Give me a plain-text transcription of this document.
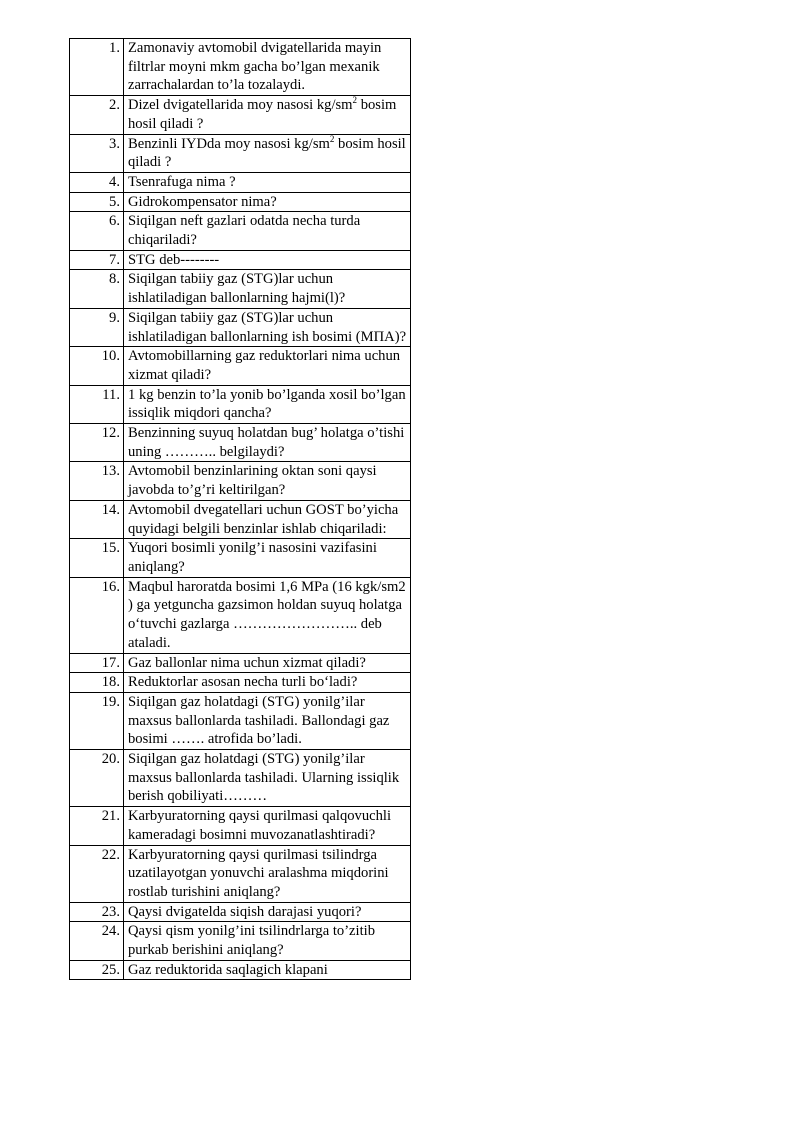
1.	Zamonaviy avtomobil dvigatellarida mayin filtrlar moyni mkm gacha bo’lgan mexanik zarrachalardan to’la tozalaydi.
2.	Dizel dvigatellarida moy nasosi $kg/sm^2$ bosim hosil qiladi ?
3.	Benzinli IYDda moy nasosi $kg/sm^2$ bosim hosil qiladi ?
4.	Tsenrafuga nima ?
5.	Gidrokompensator nima?
6.	Siqilgan neft gazlari odatda necha turda chiqariladi?
7.	STG deb--------
8.	Siqilgan tabiiy gaz (STG)lar uchun ishlatiladigan ballonlarning hajmi(l)?
9.	Siqilgan tabiiy gaz (STG)lar uchun ishlatiladigan ballonlarning ish bosimi (МПА)?
10.	Avtomobillarning gaz reduktorlari nima uchun xizmat qiladi?
11.	1 kg benzin to’la yonib bo’lganda xosil bo’lgan issiqlik miqdori qancha?
12.	Benzinning suyuq holatdan bug’ holatga o’tishi uning ……….. belgilaydi?
13.	Avtomobil benzinlarining oktan soni qaysi javobda to’g’ri keltirilgan?
14.	Avtomobil dvegatellari uchun GOST bo’yicha quyidagi belgili benzinlar ishlab chiqariladi:
15.	Yuqori bosimli yonilg’i nasosini vazifasini aniqlang?
16.	Maqbul haroratda bosimi 1,6 MPa (16 kgk/sm2 ) ga yetguncha gazsimon holdan suyuq holatga o‘tuvchi gazlarga …………………….. deb ataladi.
17.	Gaz ballonlar nima uchun xizmat qiladi?
18.	Reduktorlar asosan necha turli bo‘ladi?
19.	Siqilgan gaz holatdagi (STG) yonilg’ilar maxsus ballonlarda tashiladi. Ballondagi gaz bosimi ……. atrofida bo’ladi.
20.	Siqilgan gaz holatdagi (STG) yonilg’ilar maxsus ballonlarda tashiladi. Ularning issiqlik berish qobiliyati………
21.	Karbyuratorning qaysi qurilmasi qalqovuchli kameradagi bosimni muvozanatlashtiradi?
22.	Karbyuratorning qaysi qurilmasi tsilindrga uzatilayotgan yonuvchi aralashma miqdorini rostlab turishini aniqlang?
23.	Qaysi dvigatelda siqish darajasi yuqori?
24.	Qaysi qism yonilg’ini tsilindrlarga to’zitib purkab berishini aniqlang?
25.	Gaz reduktorida saqlagich klapani
